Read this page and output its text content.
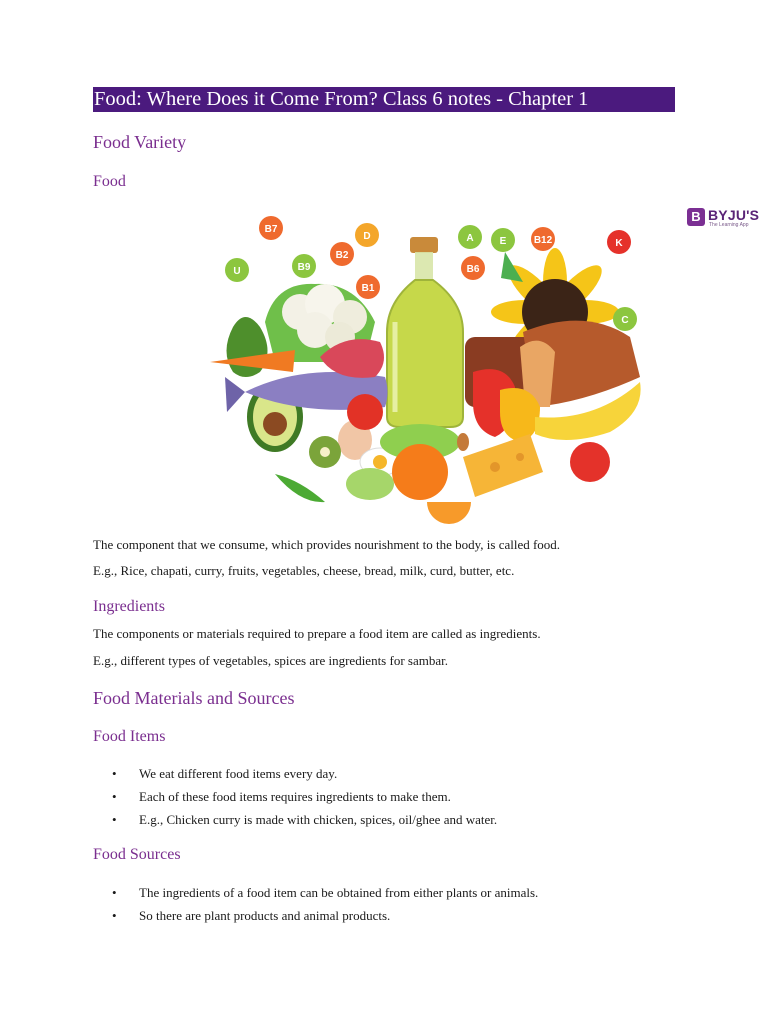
Food: Where Does it Come From? Class 6 notes - Chapter 1
Food Variety
Food
B BYJU'S
The Learning App
B7
D	A	E	B12	K
U	B9
B2
B1
B6
C
The component that we consume, which provides nourishment to the body, is called food.
E.g., Rice, chapati, curry, fruits, vegetables, cheese, bread, milk, curd, butter, etc.
Ingredients
The components or materials required to prepare a food item are called as ingredients.
E.g., different types of vegetables, spices are ingredients for sambar.
Food Materials and Sources
Food Items
• We eat different food items every day.
• Each of these food items requires ingredients to make them.
• E.g., Chicken curry is made with chicken, spices, oil/ghee and water.
Food Sources
• The ingredients of a food item can be obtained from either plants or animals.
• So there are plant products and animal products.
